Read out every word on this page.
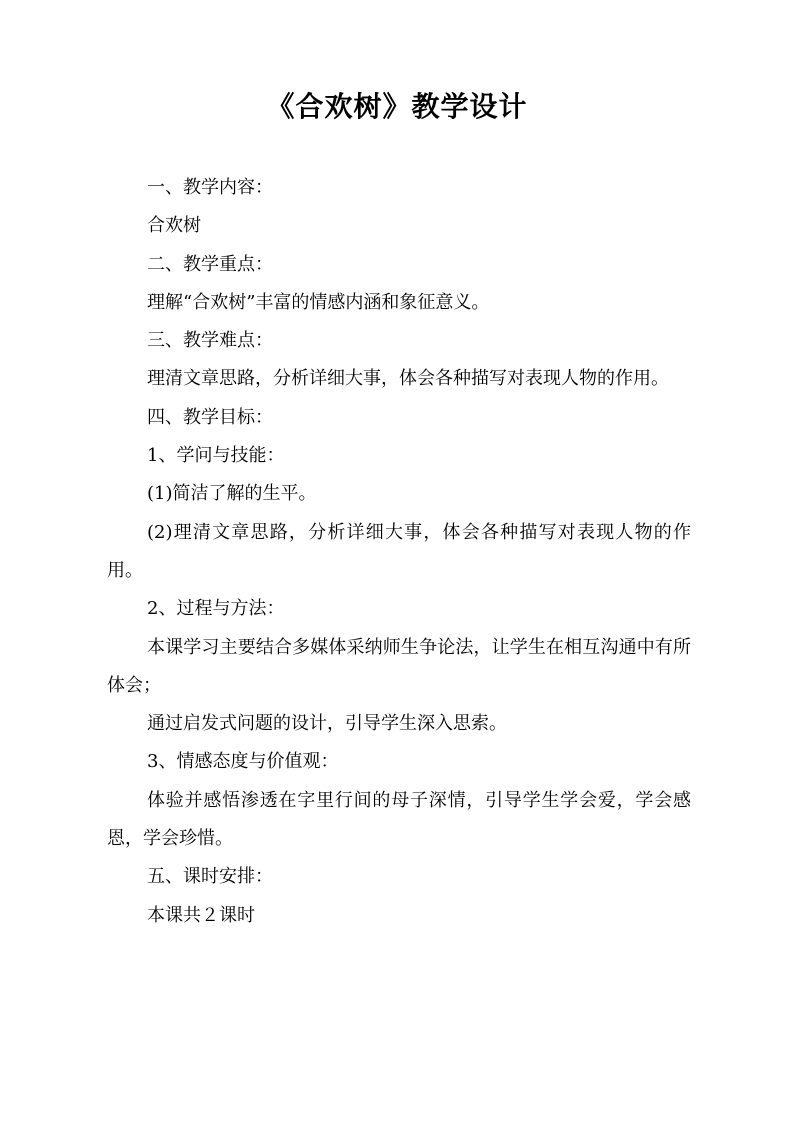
《合欢树》教学设计

一、教学内容：

合欢树

二、教学重点：

理解“合欢树”丰富的情感内涵和象征意义。

三、教学难点：

理清文章思路，分析详细大事，体会各种描写对表现人物的作用。

四、教学目标：

1、学问与技能：

(1)简洁了解的生平。

(2)理清文章思路，分析详细大事，体会各种描写对表现人物的作用。

2、过程与方法：

本课学习主要结合多媒体采纳师生争论法，让学生在相互沟通中有所体会；

通过启发式问题的设计，引导学生深入思索。

3、情感态度与价值观：

体验并感悟渗透在字里行间的母子深情，引导学生学会爱，学会感恩，学会珍惜。

五、课时安排：

本课共２课时
